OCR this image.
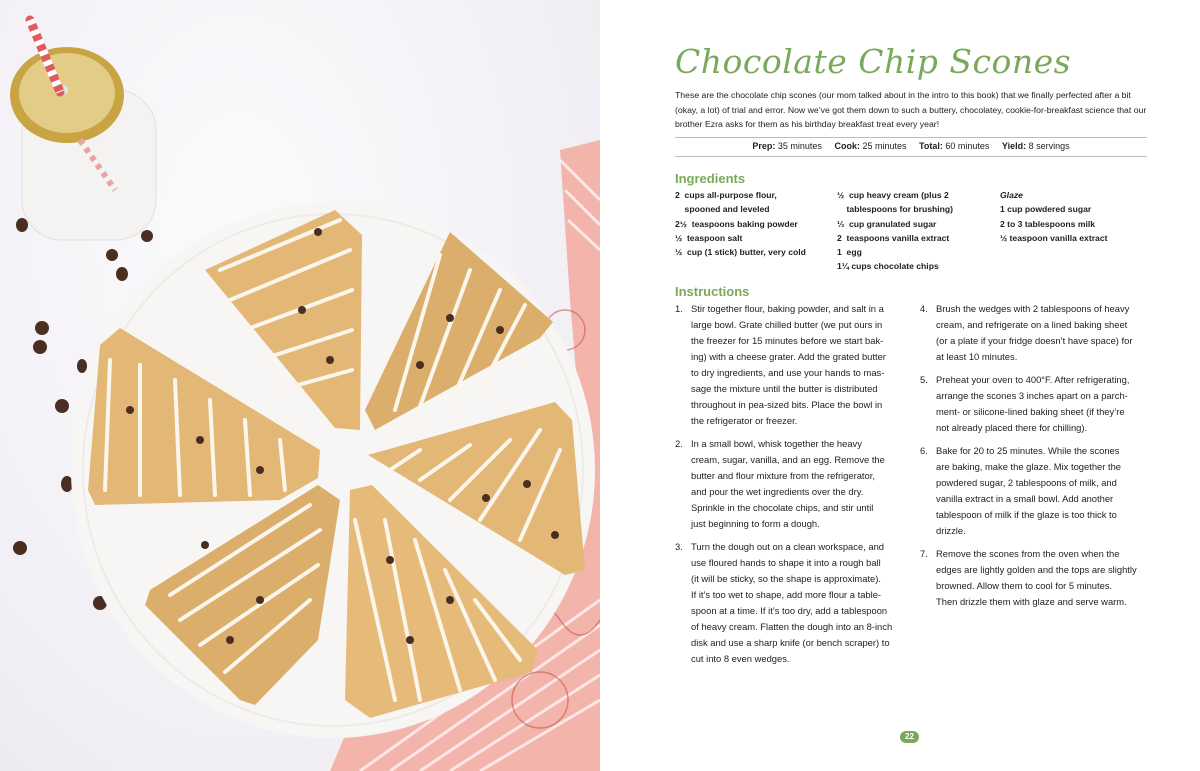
Chocolate Chip Scones

These are the chocolate chip scones (our mom talked about in the intro to this book) that we finally perfected after a bit (okay, a lot) of trial and error. Now we’ve got them down to such a buttery, chocolatey, cookie-for-breakfast science that our brother Ezra asks for them as his birthday breakfast treat every year!

Prep: 35 minutes Cook: 25 minutes Total: 60 minutes Yield: 8 servings
Ingredients
2  cups all-purpose flour,
spooned and leveled
2½  teaspoons baking powder
½  teaspoon salt
½  cup (1 stick) butter, very cold
½  cup heavy cream (plus 2
tablespoons for brushing)
⅓  cup granulated sugar
2  teaspoons vanilla extract
1  egg
1¼ cups chocolate chips
Glaze
1 cup powdered sugar
2 to 3 tablespoons milk
½ teaspoon vanilla extract
Instructions
1. Stir together flour, baking powder, and salt in a
large bowl. Grate chilled butter (we put ours in
the freezer for 15 minutes before we start bak-
ing) with a cheese grater. Add the grated butter
to dry ingredients, and use your hands to mas-
sage the mixture until the butter is distributed
throughout in pea-sized bits. Place the bowl in
the refrigerator or freezer.
2. In a small bowl, whisk together the heavy
cream, sugar, vanilla, and an egg. Remove the
butter and flour mixture from the refrigerator,
and pour the wet ingredients over the dry.
Sprinkle in the chocolate chips, and stir until
just beginning to form a dough.
3. Turn the dough out on a clean workspace, and
use floured hands to shape it into a rough ball
(it will be sticky, so the shape is approximate).
If it’s too wet to shape, add more flour a table-
spoon at a time. If it’s too dry, add a tablespoon
of heavy cream. Flatten the dough into an 8-inch
disk and use a sharp knife (or bench scraper) to
cut into 8 even wedges.
4. Brush the wedges with 2 tablespoons of heavy
cream, and refrigerate on a lined baking sheet
(or a plate if your fridge doesn’t have space) for
at least 10 minutes.
5. Preheat your oven to 400°F. After refrigerating,
arrange the scones 3 inches apart on a parch-
ment- or silicone-lined baking sheet (if they’re
not already placed there for chilling).
6. Bake for 20 to 25 minutes. While the scones
are baking, make the glaze. Mix together the
powdered sugar, 2 tablespoons of milk, and
vanilla extract in a small bowl. Add another
tablespoon of milk if the glaze is too thick to
drizzle.
7. Remove the scones from the oven when the
edges are lightly golden and the tops are slightly
browned. Allow them to cool for 5 minutes.
Then drizzle them with glaze and serve warm.
22
